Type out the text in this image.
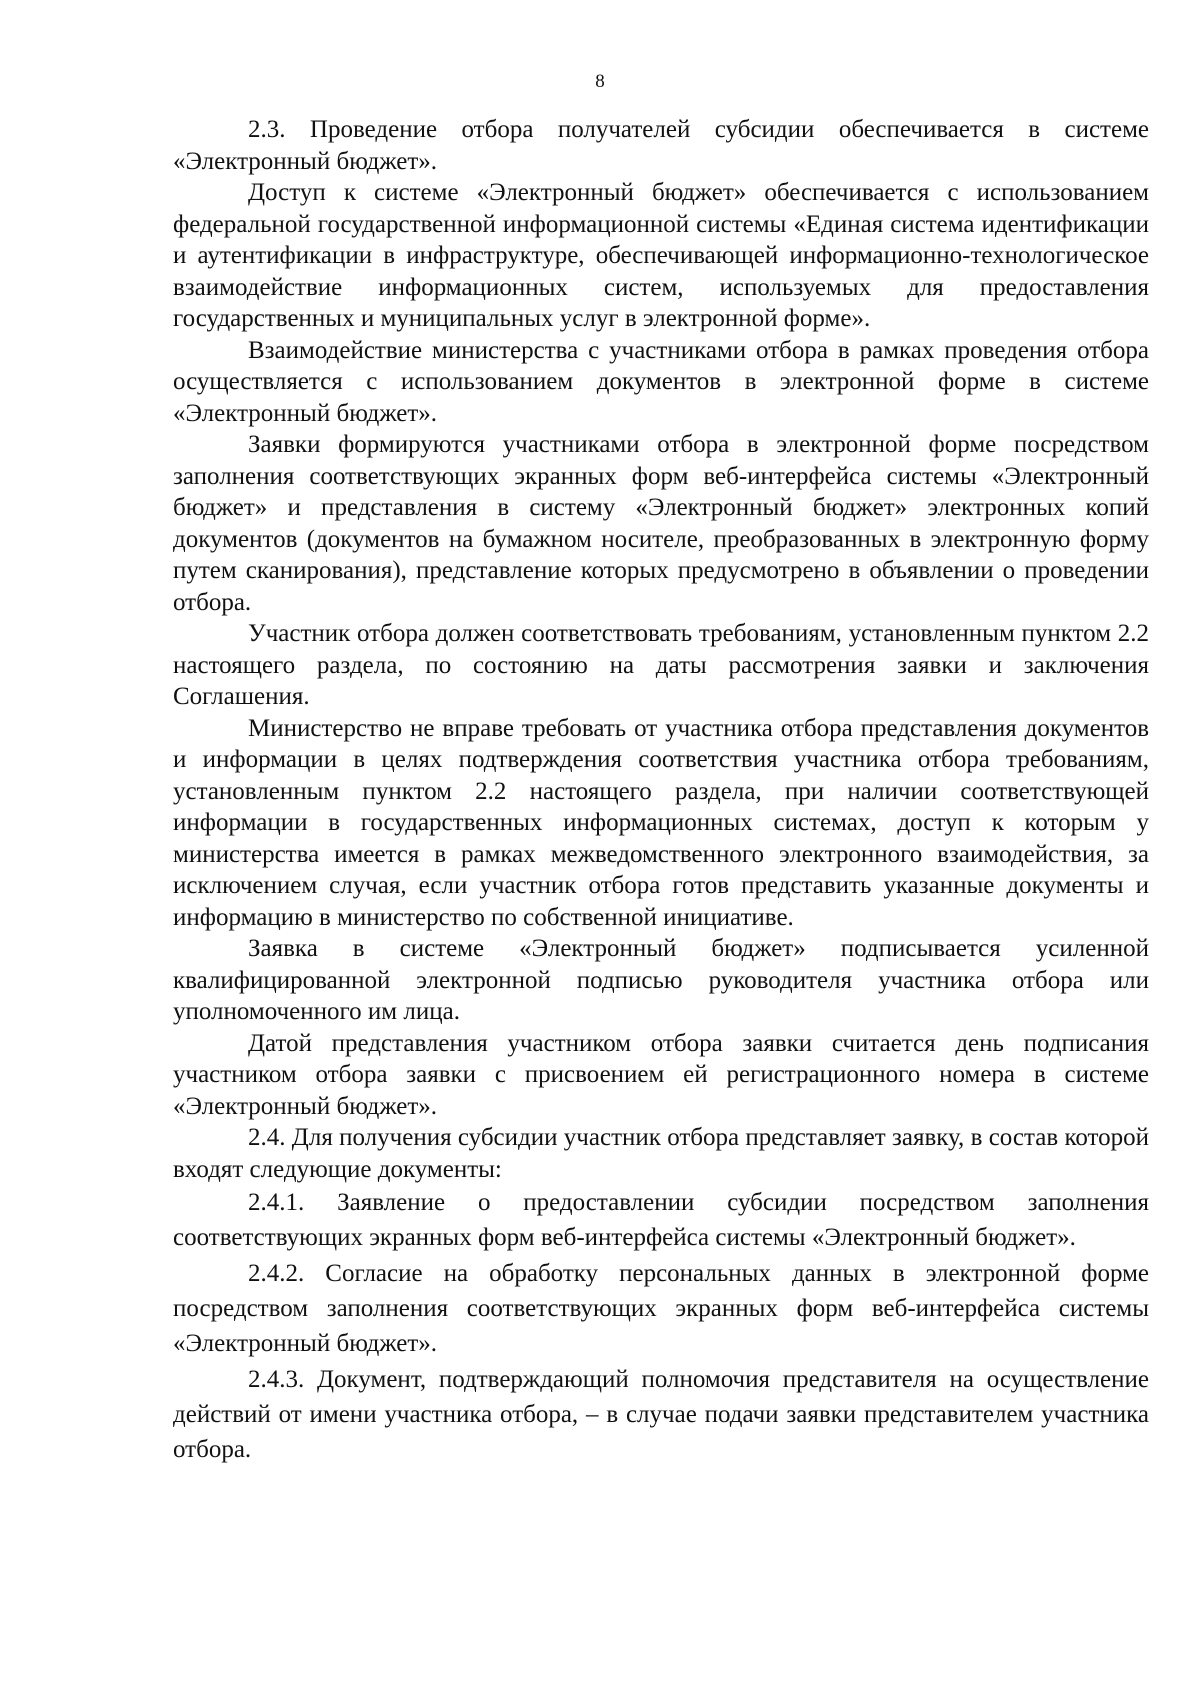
8

2.3. Проведение отбора получателей субсидии обеспечивается в системе «Электронный бюджет».

Доступ к системе «Электронный бюджет» обеспечивается с использованием федеральной государственной информационной системы «Единая система идентификации и аутентификации в инфраструктуре, обеспечивающей информационно-технологическое взаимодействие информационных систем, используемых для предоставления государственных и муниципальных услуг в электронной форме».

Взаимодействие министерства с участниками отбора в рамках проведения отбора осуществляется с использованием документов в электронной форме в системе «Электронный бюджет».

Заявки формируются участниками отбора в электронной форме посредством заполнения соответствующих экранных форм веб-интерфейса системы «Электронный бюджет» и представления в систему «Электронный бюджет» электронных копий документов (документов на бумажном носителе, преобразованных в электронную форму путем сканирования), представление которых предусмотрено в объявлении о проведении отбора.

Участник отбора должен соответствовать требованиям, установленным пунктом 2.2 настоящего раздела, по состоянию на даты рассмотрения заявки и заключения Соглашения.

Министерство не вправе требовать от участника отбора представления документов и информации в целях подтверждения соответствия участника отбора требованиям, установленным пунктом 2.2 настоящего раздела, при наличии соответствующей информации в государственных информационных системах, доступ к которым у министерства имеется в рамках межведомственного электронного взаимодействия, за исключением случая, если участник отбора готов представить указанные документы и информацию в министерство по собственной инициативе.

Заявка в системе «Электронный бюджет» подписывается усиленной квалифицированной электронной подписью руководителя участника отбора или уполномоченного им лица.

Датой представления участником отбора заявки считается день подписания участником отбора заявки с присвоением ей регистрационного номера в системе «Электронный бюджет».

2.4. Для получения субсидии участник отбора представляет заявку, в состав которой входят следующие документы:

2.4.1. Заявление о предоставлении субсидии посредством заполнения соответствующих экранных форм веб-интерфейса системы «Электронный бюджет».

2.4.2. Согласие на обработку персональных данных в электронной форме посредством заполнения соответствующих экранных форм веб-интерфейса системы «Электронный бюджет».

2.4.3. Документ, подтверждающий полномочия представителя на осуществление действий от имени участника отбора, – в случае подачи заявки представителем участника отбора.
